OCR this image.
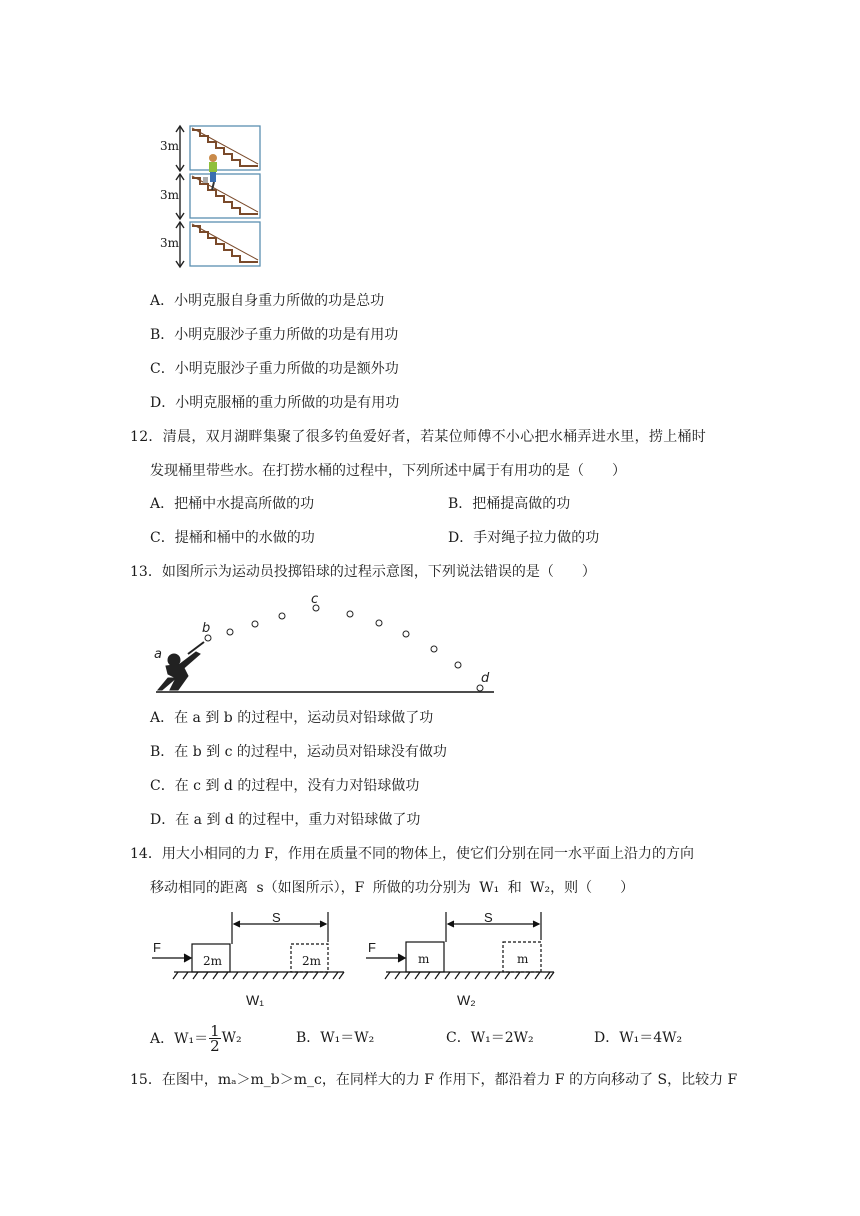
3m
3m
3m
A．小明克服自身重力所做的功是总功
B．小明克服沙子重力所做的功是有用功
C．小明克服沙子重力所做的功是额外功
D．小明克服桶的重力所做的功是有用功
12．清晨，双月湖畔集聚了很多钓鱼爱好者，若某位师傅不小心把水桶弄进水里，捞上桶时
发现桶里带些水。在打捞水桶的过程中，下列所述中属于有用功的是（　　）
A．把桶中水提高所做的功	B．把桶提高做的功
C．提桶和桶中的水做的功	D．手对绳子拉力做的功
13．如图所示为运动员投掷铅球的过程示意图，下列说法错误的是（　　）
a
b
c
d
A．在 a 到 b 的过程中，运动员对铅球做了功
B．在 b 到 c 的过程中，运动员对铅球没有做功
C．在 c 到 d 的过程中，没有力对铅球做功
D．在 a 到 d 的过程中，重力对铅球做了功
14．用大小相同的力 F，作用在质量不同的物体上，使它们分别在同一水平面上沿力的方向
移动相同的距离 s（如图所示），F 所做的功分别为 W₁ 和 W₂，则（　　）
F
S
2m	2m
W₁
F
S
m	m
W₂
A．$W_1= \frac{1}{2} W_2$	B．W₁＝W₂	C．W₁＝2W₂	D．W₁＝4W₂
15．在图中，mₐ＞m_b＞m_c，在同样大的力 F 作用下，都沿着力 F 的方向移动了 S，比较力 F
